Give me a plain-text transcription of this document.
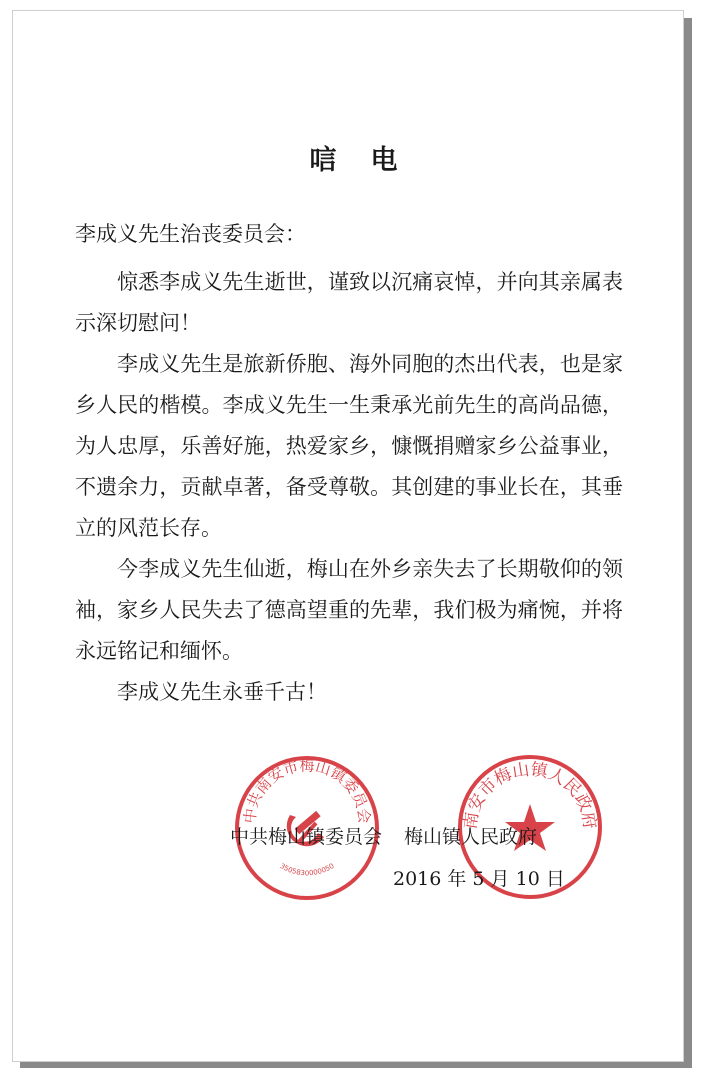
唁电
李成义先生治丧委员会：

惊悉李成义先生逝世，谨致以沉痛哀悼，并向其亲属表示深切慰问！

李成义先生是旅新侨胞、海外同胞的杰出代表，也是家乡人民的楷模。李成义先生一生秉承光前先生的高尚品德，为人忠厚，乐善好施，热爱家乡，慷慨捐赠家乡公益事业，不遗余力，贡献卓著，备受尊敬。其创建的事业长在，其垂立的风范长存。

今李成义先生仙逝，梅山在外乡亲失去了长期敬仰的领袖，家乡人民失去了德高望重的先辈，我们极为痛惋，并将永远铭记和缅怀。

李成义先生永垂千古！

中共南安市梅山镇委员会
3505830000050
南安市梅山镇人民政府
中共梅山镇委员会 梅山镇人民政府
2016 年 5 月 10 日
